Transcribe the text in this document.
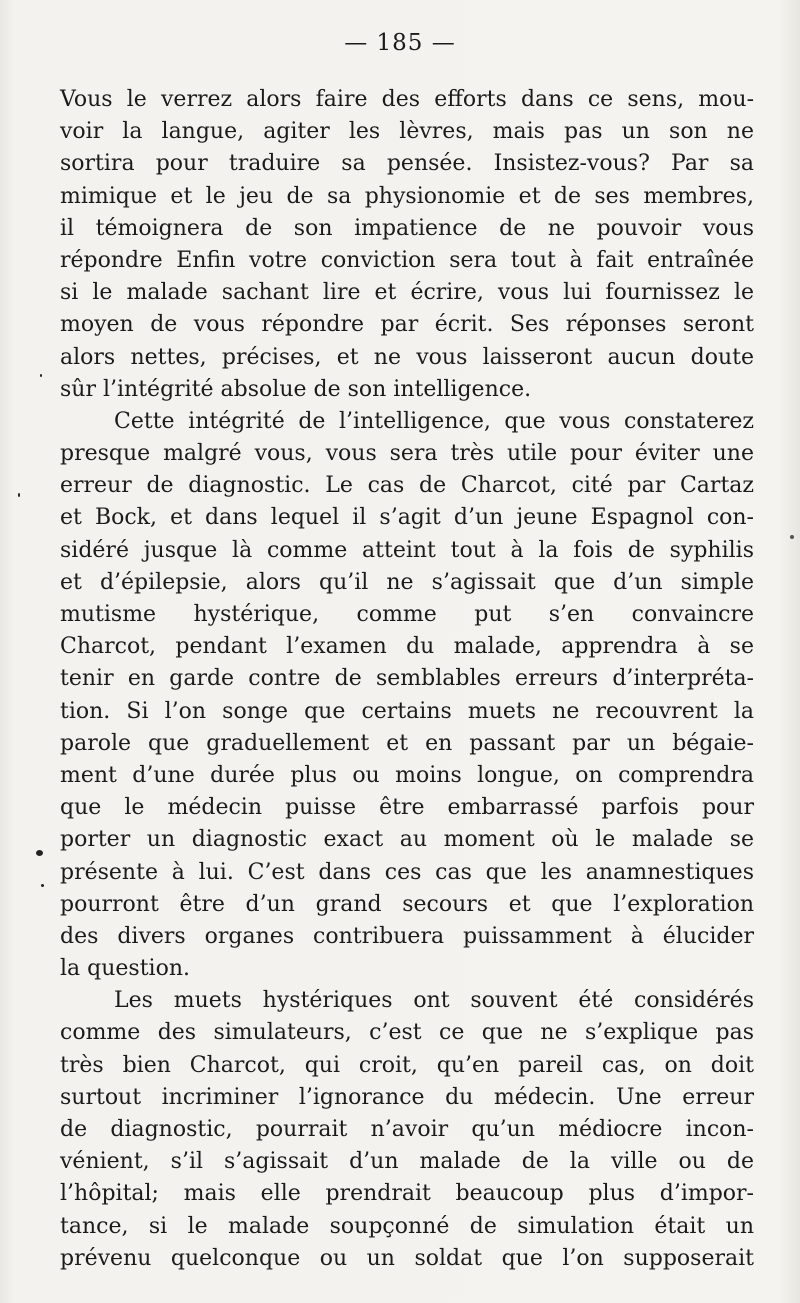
— 185 —
Vous le verrez alors faire des efforts dans ce sens, mou-
voir la langue, agiter les lèvres, mais pas un son ne
sortira pour traduire sa pensée. Insistez-vous? Par sa
mimique et le jeu de sa physionomie et de ses membres,
il témoignera de son impatience de ne pouvoir vous
répondre Enfin votre conviction sera tout à fait entraînée
si le malade sachant lire et écrire, vous lui fournissez le
moyen de vous répondre par écrit. Ses réponses seront
alors nettes, précises, et ne vous laisseront aucun doute
sûr l’intégrité absolue de son intelligence.
Cette intégrité de l’intelligence, que vous constaterez
presque malgré vous, vous sera très utile pour éviter une
erreur de diagnostic. Le cas de Charcot, cité par Cartaz
et Bock, et dans lequel il s’agit d’un jeune Espagnol con-
sidéré jusque là comme atteint tout à la fois de syphilis
et d’épilepsie, alors qu’il ne s’agissait que d’un simple
mutisme hystérique, comme put s’en convaincre
Charcot, pendant l’examen du malade, apprendra à se
tenir en garde contre de semblables erreurs d’interpréta-
tion. Si l’on songe que certains muets ne recouvrent la
parole que graduellement et en passant par un bégaie-
ment d’une durée plus ou moins longue, on comprendra
que le médecin puisse être embarrassé parfois pour
porter un diagnostic exact au moment où le malade se
présente à lui. C’est dans ces cas que les anamnestiques
pourront être d’un grand secours et que l’exploration
des divers organes contribuera puissamment à élucider
la question.
Les muets hystériques ont souvent été considérés
comme des simulateurs, c’est ce que ne s’explique pas
très bien Charcot, qui croit, qu’en pareil cas, on doit
surtout incriminer l’ignorance du médecin. Une erreur
de diagnostic, pourrait n’avoir qu’un médiocre incon-
vénient, s’il s’agissait d’un malade de la ville ou de
l’hôpital; mais elle prendrait beaucoup plus d’impor-
tance, si le malade soupçonné de simulation était un
prévenu quelconque ou un soldat que l’on supposerait
